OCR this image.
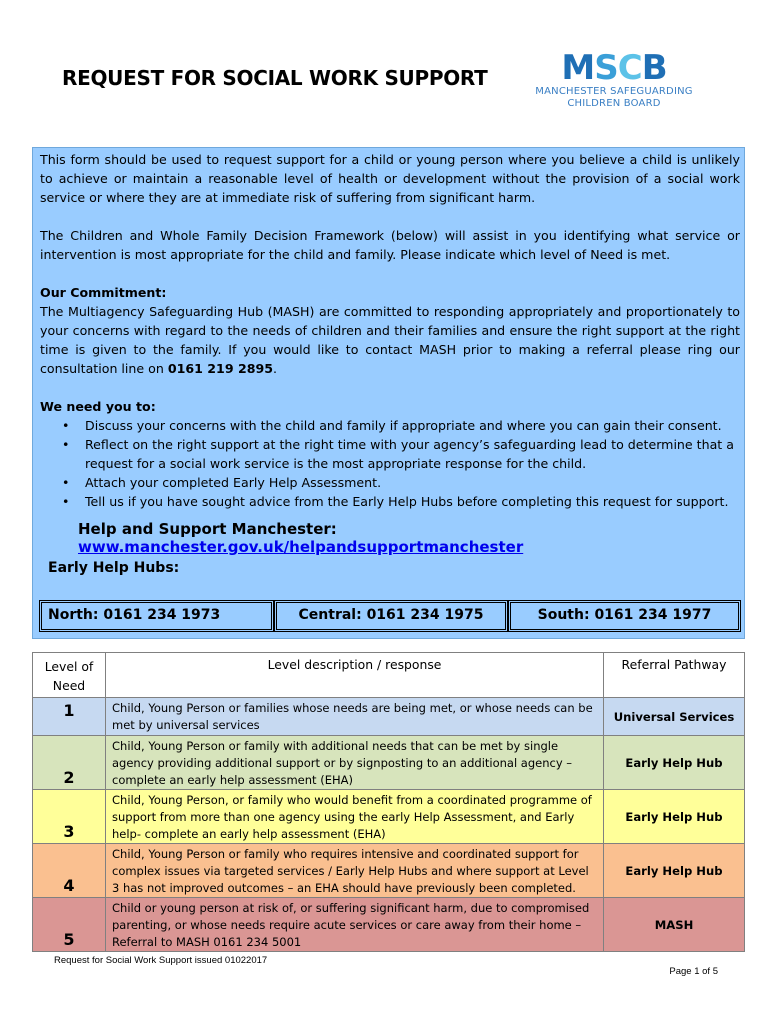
REQUEST FOR SOCIAL WORK SUPPORT	MSCB
MANCHESTER SAFEGUARDING
CHILDREN BOARD
This form should be used to request support for a child or young person where you believe a child is unlikely to achieve or maintain a reasonable level of health or development without the provision of a social work service or where they are at immediate risk of suffering from significant harm.
The Children and Whole Family Decision Framework (below) will assist in you identifying what service or intervention is most appropriate for the child and family. Please indicate which level of Need is met.
Our Commitment:
The Multiagency Safeguarding Hub (MASH) are committed to responding appropriately and proportionately to your concerns with regard to the needs of children and their families and ensure the right support at the right time is given to the family. If you would like to contact MASH prior to making a referral please ring our consultation line on 0161 219 2895.
We need you to:
• Discuss your concerns with the child and family if appropriate and where you can gain their consent.
• Reflect on the right support at the right time with your agency’s safeguarding lead to determine that a request for a social work service is the most appropriate response for the child.
• Attach your completed Early Help Assessment.
• Tell us if you have sought advice from the Early Help Hubs before completing this request for support.
Help and Support Manchester: www.manchester.gov.uk/helpandsupportmanchester
Early Help Hubs:
North: 0161 234 1973	Central: 0161 234 1975	South: 0161 234 1977
Level of
Need	Level description / response	Referral Pathway

1	Child, Young Person or families whose needs are being met, or whose needs can be met by universal services	Universal Services

2	Child, Young Person or family with additional needs that can be met by single agency providing additional support or by signposting to an additional agency – complete an early help assessment (EHA)	Early Help Hub

3	Child, Young Person, or family who would benefit from a coordinated programme of support from more than one agency using the early Help Assessment, and Early help- complete an early help assessment (EHA)	Early Help Hub

4	Child, Young Person or family who requires intensive and coordinated support for complex issues via targeted services / Early Help Hubs and where support at Level 3 has not improved outcomes – an EHA should have previously been completed.	Early Help Hub

5	Child or young person at risk of, or suffering significant harm, due to compromised parenting, or whose needs require acute services or care away from their home – Referral to MASH 0161 234 5001	MASH
Request for Social Work Support issued 01022017
Page 1 of 5
